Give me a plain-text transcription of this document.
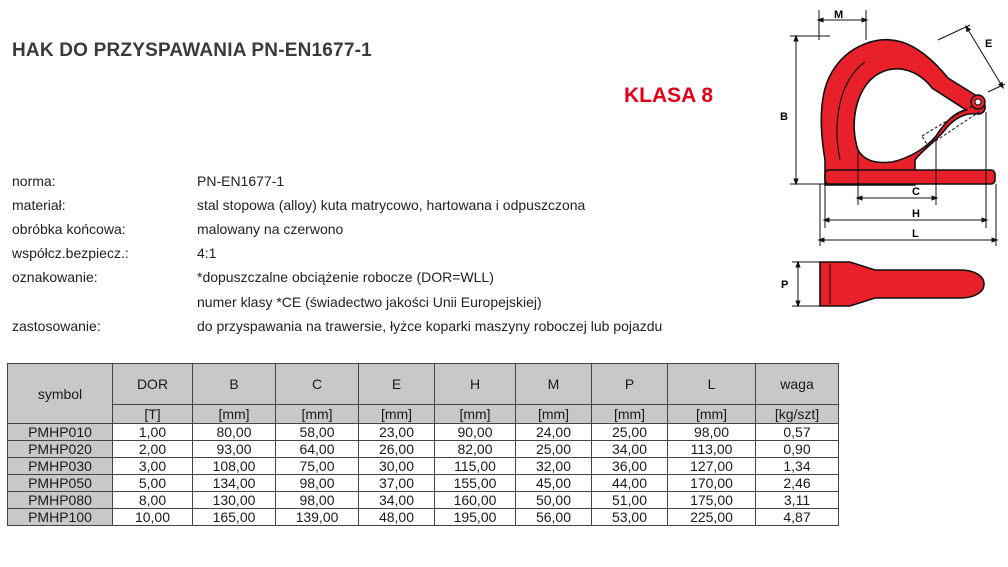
HAK DO PRZYSPAWANIA PN-EN1677-1
KLASA 8
norma:	PN-EN1677-1
materiał:	stal stopowa (alloy) kuta matrycowo, hartowana i odpuszczona
obróbka końcowa:	malowany na czerwono
współcz.bezpiecz.:	4:1
oznakowanie:	*dopuszczalne obciążenie robocze (DOR=WLL)
numer klasy *CE (świadectwo jakości Unii Europejskiej)
zastosowanie:	do przyspawania na trawersie, łyżce koparki maszyny roboczej lub pojazdu
symbol	DOR	B	C	E	H	M	P	L	waga
	[T]	[mm]	[mm]	[mm]	[mm]	[mm]	[mm]	[mm]	[kg/szt]
PMHP010	1,00	80,00	58,00	23,00	90,00	24,00	25,00	98,00	0,57
PMHP020	2,00	93,00	64,00	26,00	82,00	25,00	34,00	113,00	0,90
PMHP030	3,00	108,00	75,00	30,00	115,00	32,00	36,00	127,00	1,34
PMHP050	5,00	134,00	98,00	37,00	155,00	45,00	44,00	170,00	2,46
PMHP080	8,00	130,00	98,00	34,00	160,00	50,00	51,00	175,00	3,11
PMHP100	10,00	165,00	139,00	48,00	195,00	56,00	53,00	225,00	4,87
M
E
B
C
H
L
P
